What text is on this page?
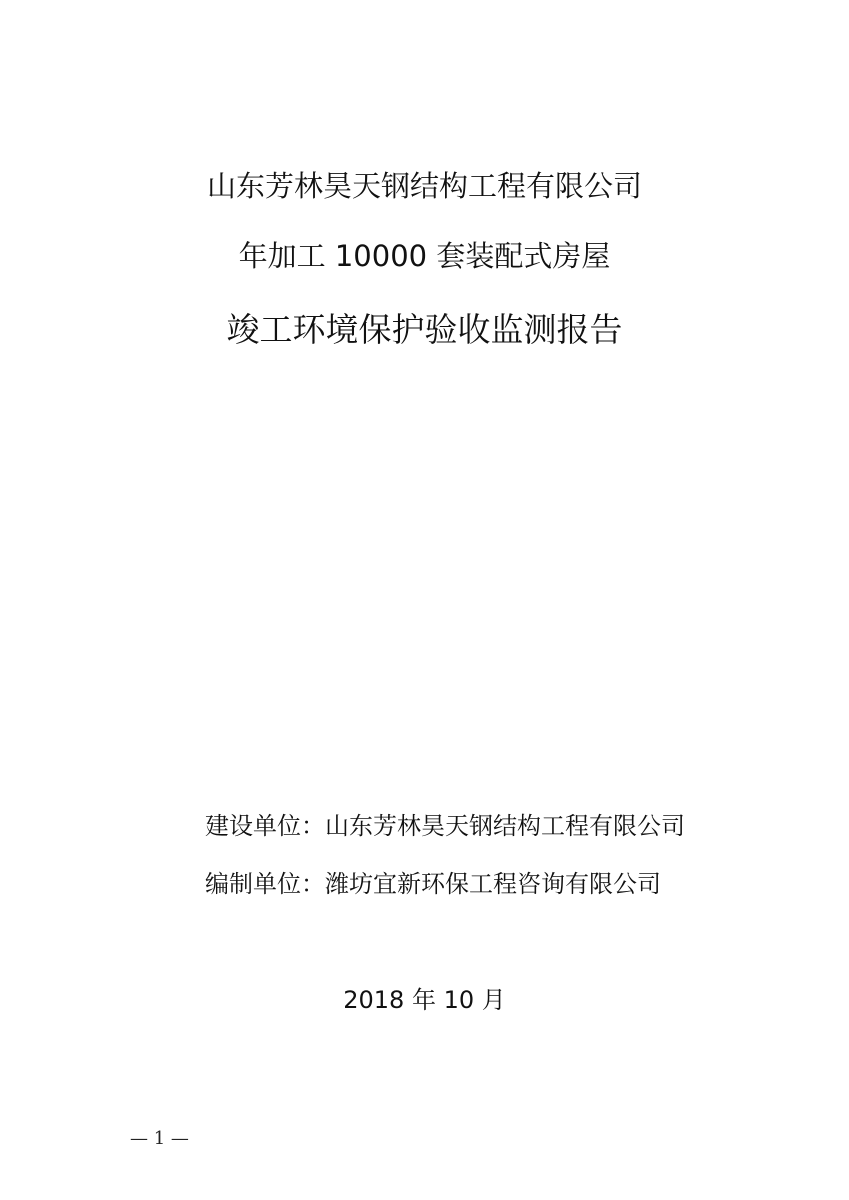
山东芳林昊天钢结构工程有限公司
年加工 10000 套装配式房屋
竣工环境保护验收监测报告
建设单位：山东芳林昊天钢结构工程有限公司
编制单位：潍坊宜新环保工程咨询有限公司
2018 年 10 月
— 1 —
